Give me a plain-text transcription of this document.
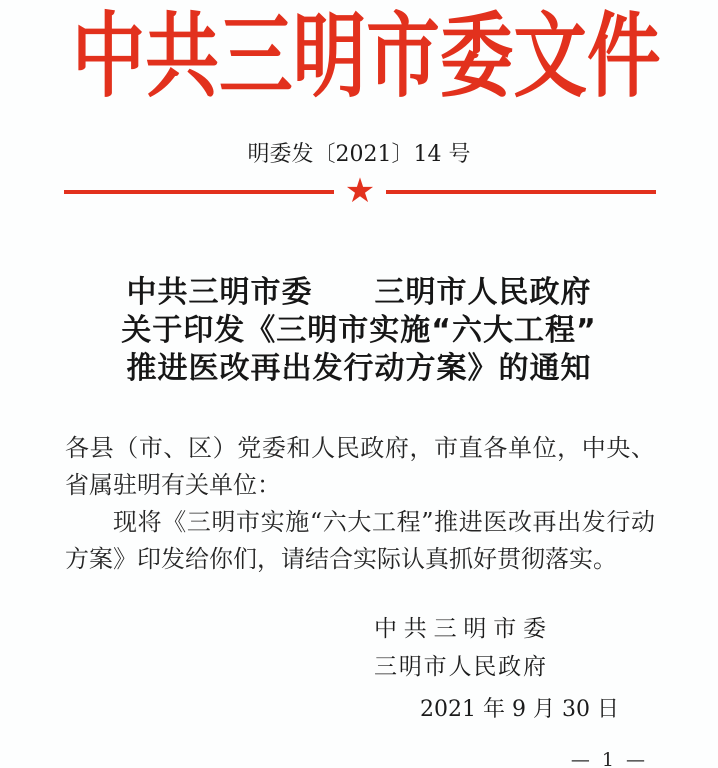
中共三明市委文件
明委发〔2021〕14 号
★
中共三明市委　　三明市人民政府
关于印发《三明市实施“六大工程”
推进医改再出发行动方案》的通知

各县（市、区）党委和人民政府，市直各单位，中央、省属驻明有关单位：

现将《三明市实施“六大工程”推进医改再出发行动方案》印发给你们，请结合实际认真抓好贯彻落实。

中共三明市委
三明市人民政府
2021 年 9 月 30 日
— 1 —
